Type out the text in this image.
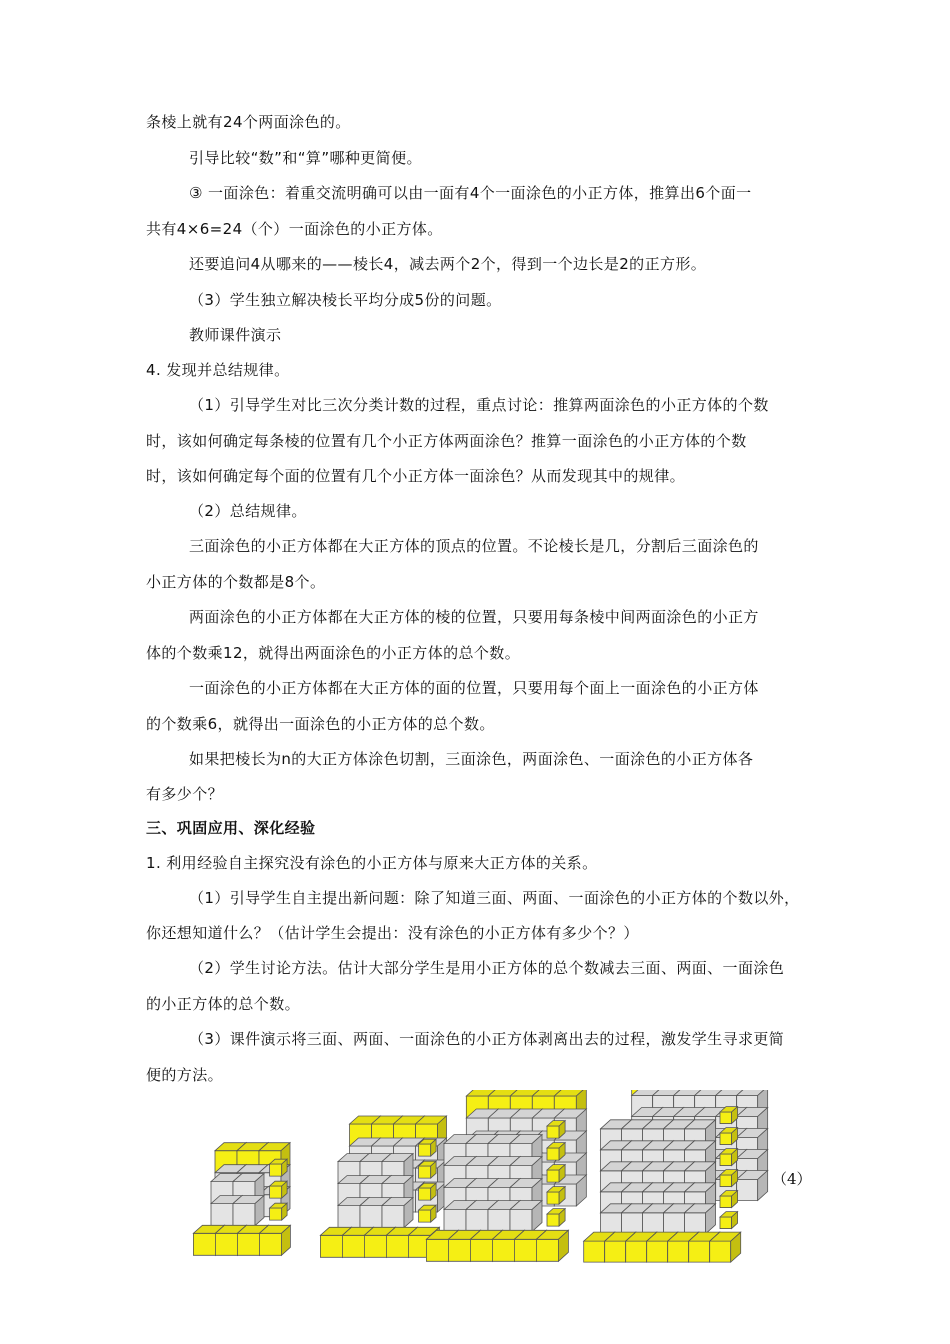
条棱上就有24个两面涂色的。
引导比较“数”和“算”哪种更简便。
③ 一面涂色：着重交流明确可以由一面有4个一面涂色的小正方体，推算出6个面一
共有4×6=24（个）一面涂色的小正方体。
还要追问4从哪来的——棱长4，减去两个2个，得到一个边长是2的正方形。
（3）学生独立解决棱长平均分成5份的问题。
教师课件演示
4. 发现并总结规律。
（1）引导学生对比三次分类计数的过程，重点讨论：推算两面涂色的小正方体的个数
时，该如何确定每条棱的位置有几个小正方体两面涂色？推算一面涂色的小正方体的个数
时，该如何确定每个面的位置有几个小正方体一面涂色？从而发现其中的规律。
（2）总结规律。
三面涂色的小正方体都在大正方体的顶点的位置。不论棱长是几，分割后三面涂色的
小正方体的个数都是8个。
两面涂色的小正方体都在大正方体的棱的位置，只要用每条棱中间两面涂色的小正方
体的个数乘12，就得出两面涂色的小正方体的总个数。
一面涂色的小正方体都在大正方体的面的位置，只要用每个面上一面涂色的小正方体
的个数乘6，就得出一面涂色的小正方体的总个数。
如果把棱长为n的大正方体涂色切割，三面涂色，两面涂色、一面涂色的小正方体各
有多少个？
三、巩固应用、深化经验
1. 利用经验自主探究没有涂色的小正方体与原来大正方体的关系。
（1）引导学生自主提出新问题：除了知道三面、两面、一面涂色的小正方体的个数以外，
你还想知道什么？（估计学生会提出：没有涂色的小正方体有多少个？）
（2）学生讨论方法。估计大部分学生是用小正方体的总个数减去三面、两面、一面涂色
的小正方体的总个数。
（3）课件演示将三面、两面、一面涂色的小正方体剥离出去的过程，激发学生寻求更简
便的方法。
（4）
